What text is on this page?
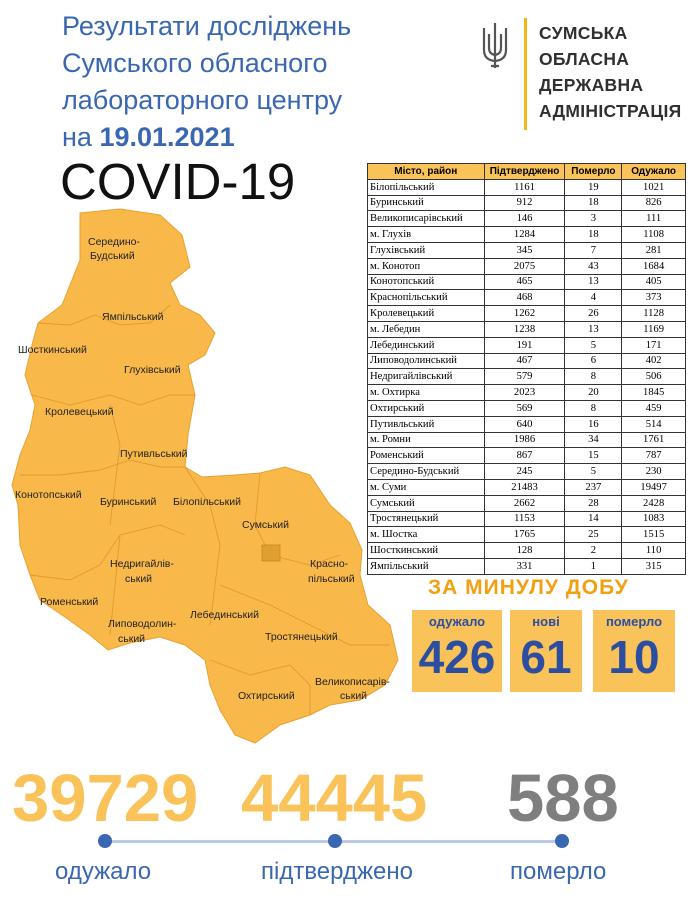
Результати досліджень
Сумського обласного
лабораторного центру
на 19.01.2021
COVID-19
СУМСЬКА
ОБЛАСНА
ДЕРЖАВНА
АДМІНІСТРАЦІЯ
Середино-
Будський
Ямпільський
Шосткинський
Глухівський
Кролевецький
Путивльський
Конотопський
Буринський Білопільський
Сумський
Недригайлів-
ський
Красно-
пільський
Роменський
Лебединський
Липоводолин-
ський	Тростянецький
Великописарів-
ський
Охтирський
Місто, район	Підтверджено	Померло	Одужало
Білопільський	1161	19	1021
Буринський	912	18	826
Великописарівський	146	3	111
м. Глухів	1284	18	1108
Глухівський	345	7	281
м. Конотоп	2075	43	1684
Конотопський	465	13	405
Краснопільський	468	4	373
Кролевецький	1262	26	1128
м. Лебедин	1238	13	1169
Лебединський	191	5	171
Липоводолинський	467	6	402
Недригайлівський	579	8	506
м. Охтирка	2023	20	1845
Охтирський	569	8	459
Путивльський	640	16	514
м. Ромни	1986	34	1761
Роменський	867	15	787
Середино-Будський	245	5	230
м. Суми	21483	237	19497
Сумський	2662	28	2428
Тростянецький	1153	14	1083
м. Шостка	1765	25	1515
Шосткинський	128	2	110
Ямпільський	331	1	315
ЗА МИНУЛУ ДОБУ
одужало
426
нові
61
померло
10
39729 44445 588
одужало	підтверджено	померло
